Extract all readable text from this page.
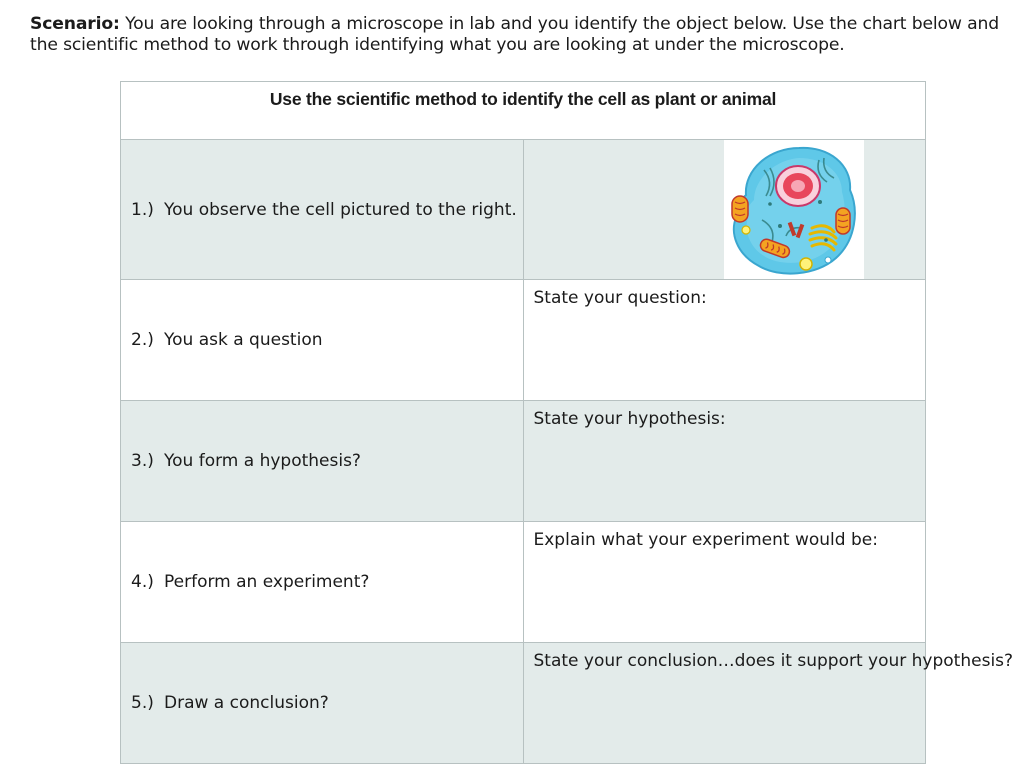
Scenario: You are looking through a microscope in lab and you identify the object below. Use the chart below and the scientific method to work through identifying what you are looking at under the microscope.
Use the scientific method to identify the cell as plant or animal	

1.) You observe the cell pictured to the right.

2.) You ask a question	State your question:

3.) You form a hypothesis?	State your hypothesis:

4.) Perform an experiment?	Explain what your experiment would be:

5.) Draw a conclusion?	State your conclusion…does it support your hypothesis?
